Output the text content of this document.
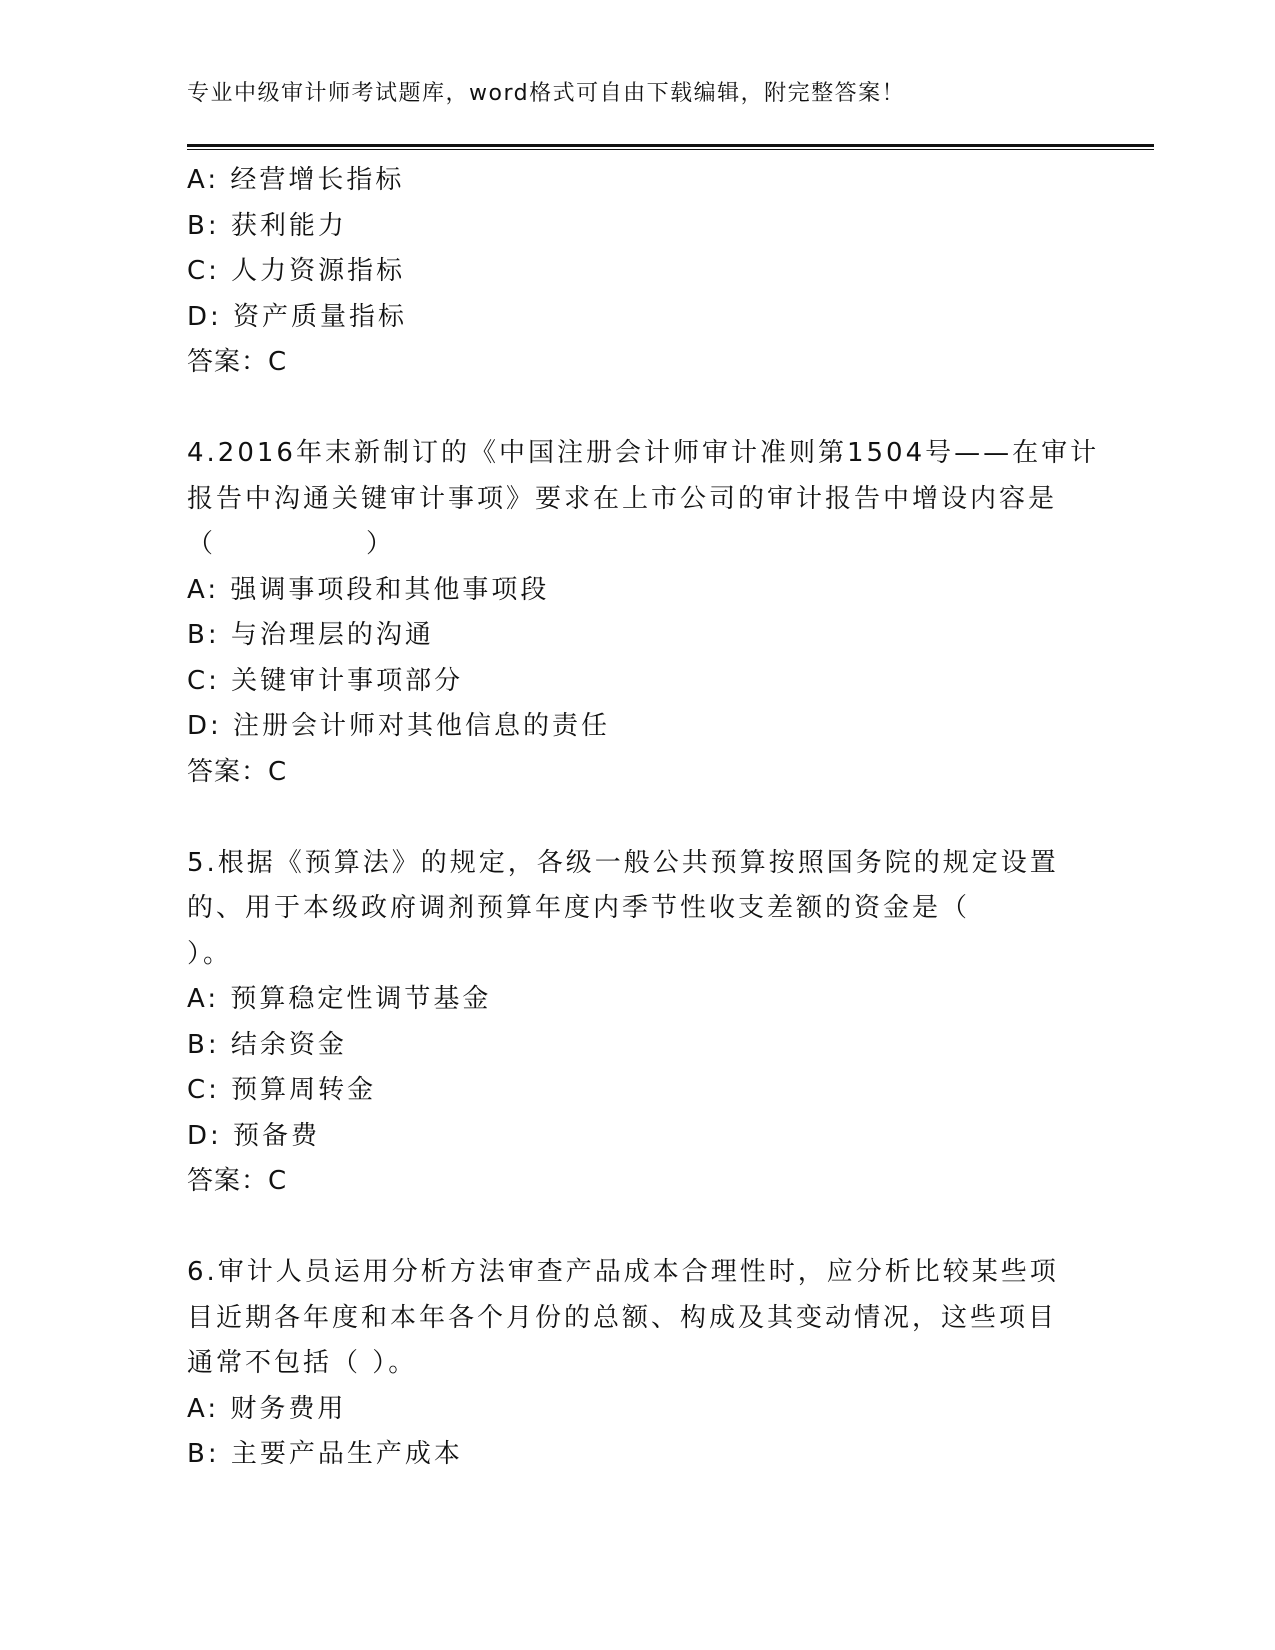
专业中级审计师考试题库，word格式可自由下载编辑，附完整答案！
A: 经营增长指标
B: 获利能力
C: 人力资源指标
D: 资产质量指标
答案：C
4.2016年末新制订的《中国注册会计师审计准则第1504号——在审计
报告中沟通关键审计事项》要求在上市公司的审计报告中增设内容是
（	）
A: 强调事项段和其他事项段
B: 与治理层的沟通
C: 关键审计事项部分
D: 注册会计师对其他信息的责任
答案：C
5.根据《预算法》的规定，各级一般公共预算按照国务院的规定设置
的、用于本级政府调剂预算年度内季节性收支差额的资金是（
）。
A: 预算稳定性调节基金
B: 结余资金
C: 预算周转金
D: 预备费
答案：C
6.审计人员运用分析方法审查产品成本合理性时，应分析比较某些项
目近期各年度和本年各个月份的总额、构成及其变动情况，这些项目
通常不包括（ ）。
A: 财务费用
B: 主要产品生产成本
